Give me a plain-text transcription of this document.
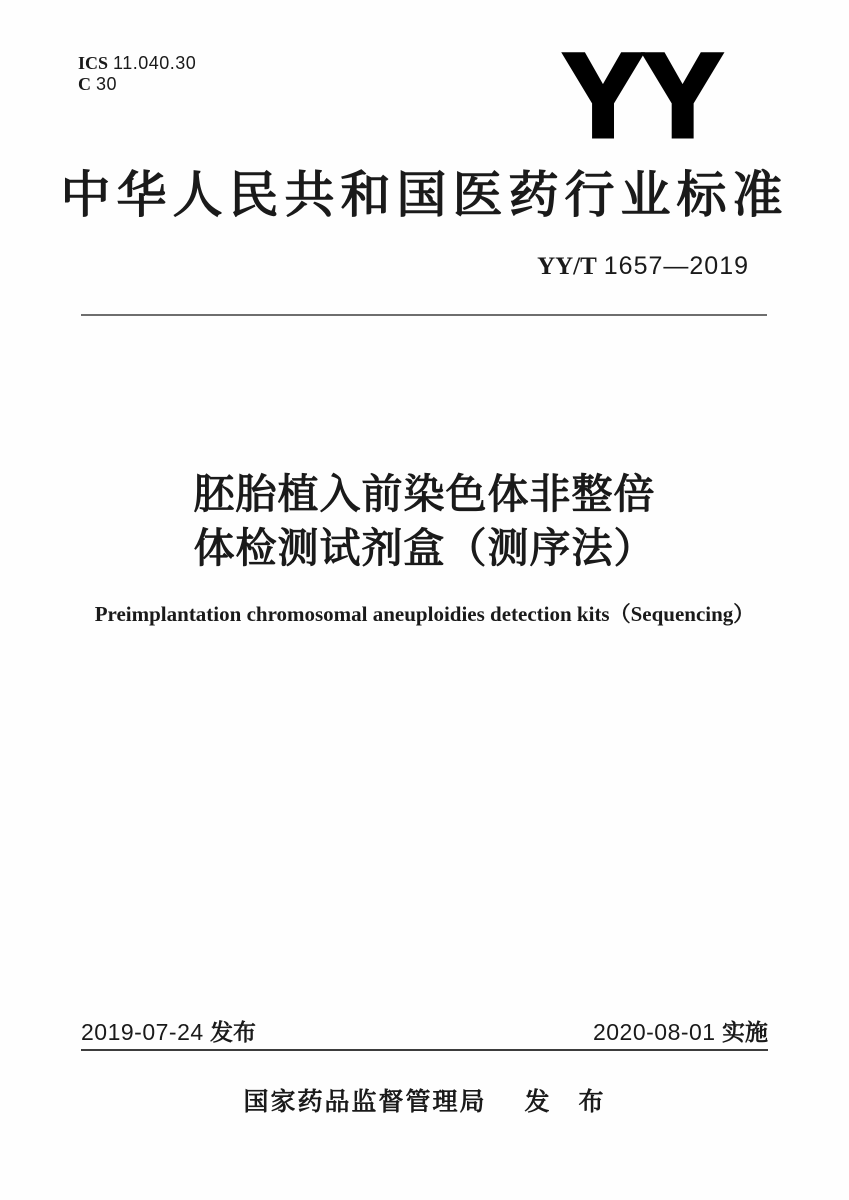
ICS 11.040.30
C 30	YY
中华人民共和国医药行业标准
YY/T 1657—2019
胚胎植入前染色体非整倍
体检测试剂盒（测序法）
Preimplantation chromosomal aneuploidies detection kits（Sequencing）
2019-07-24 发布	2020-08-01 实施
国家药品监督管理局 发　布
